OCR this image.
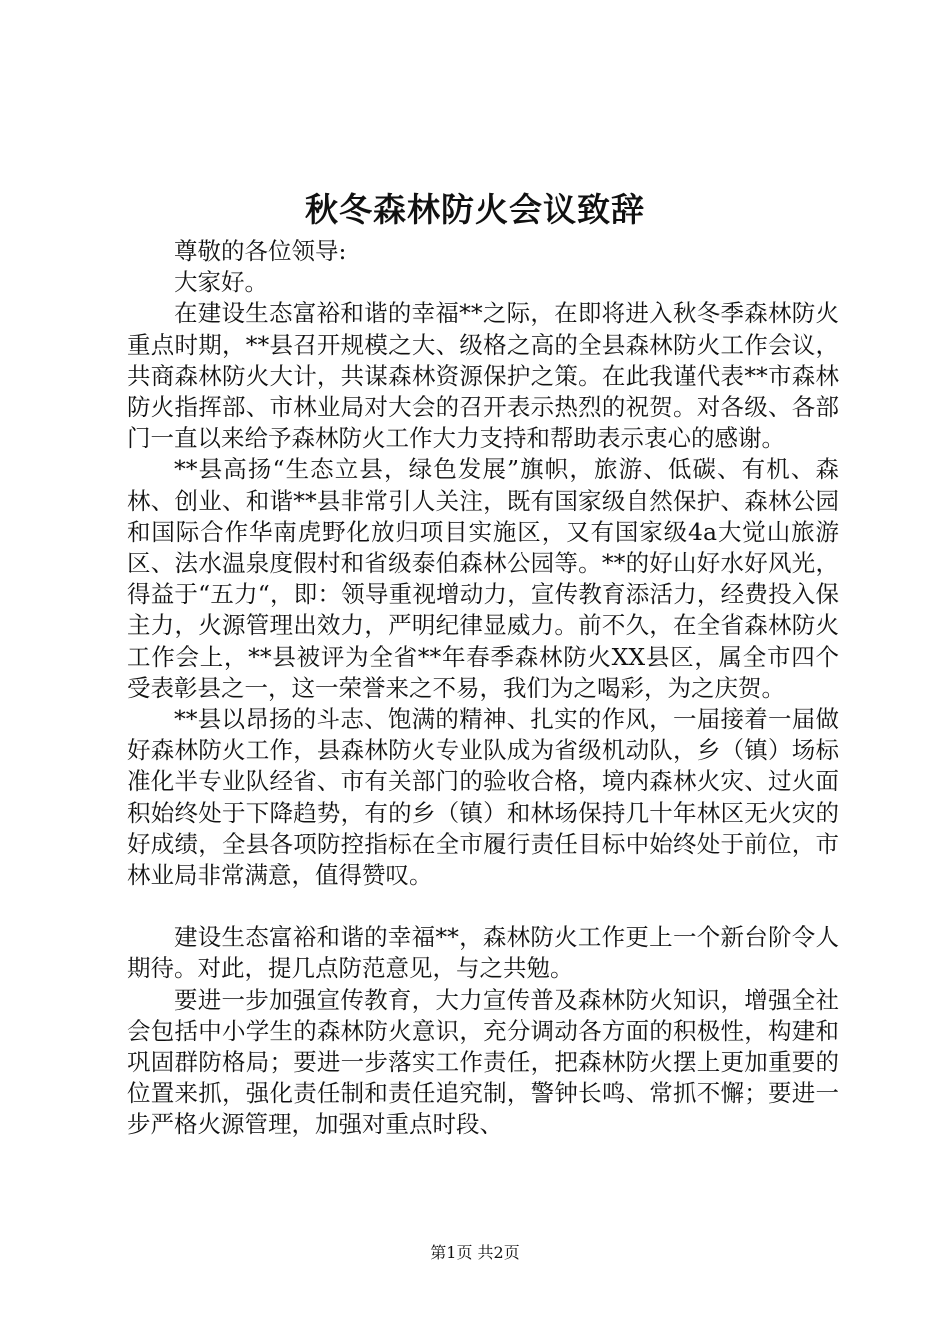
秋冬森林防火会议致辞

尊敬的各位领导:

大家好。

在建设生态富裕和谐的幸福**之际，在即将进入秋冬季森林防火重点时期，**县召开规模之大、级格之高的全县森林防火工作会议，共商森林防火大计，共谋森林资源保护之策。在此我谨代表**市森林防火指挥部、市林业局对大会的召开表示热烈的祝贺。对各级、各部门一直以来给予森林防火工作大力支持和帮助表示衷心的感谢。

**县高扬“生态立县，绿色发展”旗帜，旅游、低碳、有机、森林、创业、和谐**县非常引人关注，既有国家级自然保护、森林公园和国际合作华南虎野化放归项目实施区，又有国家级4a大觉山旅游区、法水温泉度假村和省级泰伯森林公园等。**的好山好水好风光，得益于“五力“，即：领导重视增动力，宣传教育添活力，经费投入保主力，火源管理出效力，严明纪律显威力。前不久，在全省森林防火工作会上，**县被评为全省**年春季森林防火XX县区，属全市四个受表彰县之一，这一荣誉来之不易，我们为之喝彩，为之庆贺。

**县以昂扬的斗志、饱满的精神、扎实的作风，一届接着一届做好森林防火工作，县森林防火专业队成为省级机动队，乡（镇）场标准化半专业队经省、市有关部门的验收合格，境内森林火灾、过火面积始终处于下降趋势，有的乡（镇）和林场保持几十年林区无火灾的好成绩，全县各项防控指标在全市履行责任目标中始终处于前位，市林业局非常满意，值得赞叹。

建设生态富裕和谐的幸福**，森林防火工作更上一个新台阶令人期待。对此，提几点防范意见，与之共勉。

要进一步加强宣传教育，大力宣传普及森林防火知识，增强全社会包括中小学生的森林防火意识，充分调动各方面的积极性，构建和巩固群防格局；要进一步落实工作责任，把森林防火摆上更加重要的位置来抓，强化责任制和责任追究制，警钟长鸣、常抓不懈；要进一步严格火源管理，加强对重点时段、

第1页 共2页
